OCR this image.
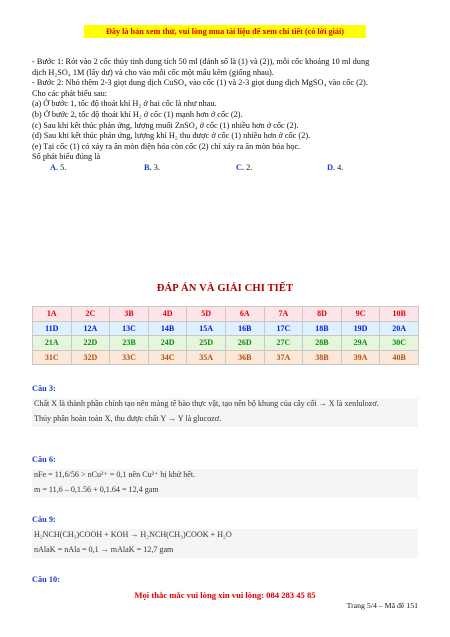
Đây là bản xem thử, vui lòng mua tài liệu để xem chi tiết (có lời giải)
- Bước 1: Rót vào 2 cốc thủy tinh dung tích 50 ml (đánh số là (1) và (2)), mỗi cốc khoảng 10 ml dung
dịch H₂SO₄ 1M (lấy dư) và cho vào mỗi cốc một mẩu kẽm (giống nhau).
- Bước 2: Nhỏ thêm 2-3 giọt dung dịch CuSO₄ vào cốc (1) và 2-3 giọt dung dịch MgSO₄ vào cốc (2).
Cho các phát biểu sau:
(a) Ở bước 1, tốc độ thoát khí H₂ ở hai cốc là như nhau.
(b) Ở bước 2, tốc độ thoát khí H₂ ở cốc (1) mạnh hơn ở cốc (2).
(c) Sau khi kết thúc phản ứng, lượng muối ZnSO₄ ở cốc (1) nhiều hơn ở cốc (2).
(d) Sau khi kết thúc phản ứng, lượng khí H₂ thu được ở cốc (1) nhiều hơn ở cốc (2).
(e) Tại cốc (1) có xảy ra ăn mòn điện hóa còn cốc (2) chỉ xảy ra ăn mòn hóa học.
Số phát biểu đúng là
A. 5.	B. 3.	C. 2.	D. 4.
ĐÁP ÁN VÀ GIẢI CHI TIẾT
1A	2C	3B	4D	5D	6A	7A	8D	9C	10B
11D	12A	13C	14B	15A	16B	17C	18B	19D	20A
21A	22D	23B	24D	25D	26D	27C	28B	29A	30C
31C	32D	33C	34C	35A	36B	37A	38B	39A	40B
Câu 3:

Chất X là thành phần chính tạo nên màng tế bào thực vật, tạo nên bộ khung của cây cối → X là xenlulozơ.

Thủy phân hoàn toàn X, thu được chất Y → Y là glucozơ.

Câu 6:

nFe = 11,6/56 > nCu²⁺ = 0,1 nên Cu²⁺ bị khử hết.

m = 11,6 – 0,1.56 + 0,1.64 = 12,4 gam

Câu 9:

H₂NCH(CH₃)COOH + KOH → H₂NCH(CH₃)COOK + H₂O

nAlaK = nAla = 0,1 → mAlaK = 12,7 gam

Câu 10:
Mọi thắc mắc vui lòng xin vui lòng: 084 283 45 85
Trang 5/4 – Mã đề 151
